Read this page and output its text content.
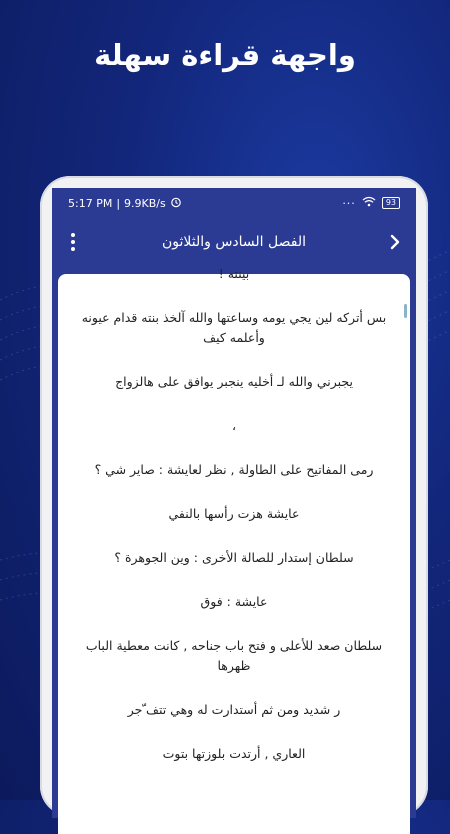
واجهة قراءة سهلة
5:17 PM | 9.9KB/s	···	93
الفصل السادس والثلاثون

بينته !

بس أتركه لين يجي يومه وساعتها والله آلخذ بنته قدام عيونه وأعلمه كيف

يجبرني والله لـ أخليه ينجبر يوافق على هالزواج

،

رمى المفاتيح على الطاولة , نظر لعايشة : صاير شي ؟

عايشة هزت رأسها بالنفي

سلطان إستدار للصالة الأخرى : وين الجوهرة ؟

عايشة : فوق

سلطان صعد للأعلى و فتح باب جناحه , كانت معطية الباب ظهرها

ر شديد ومن ثم أستدارت له وهي تتف ّجر

العاري , أرتدت بلوزتها بتوت
